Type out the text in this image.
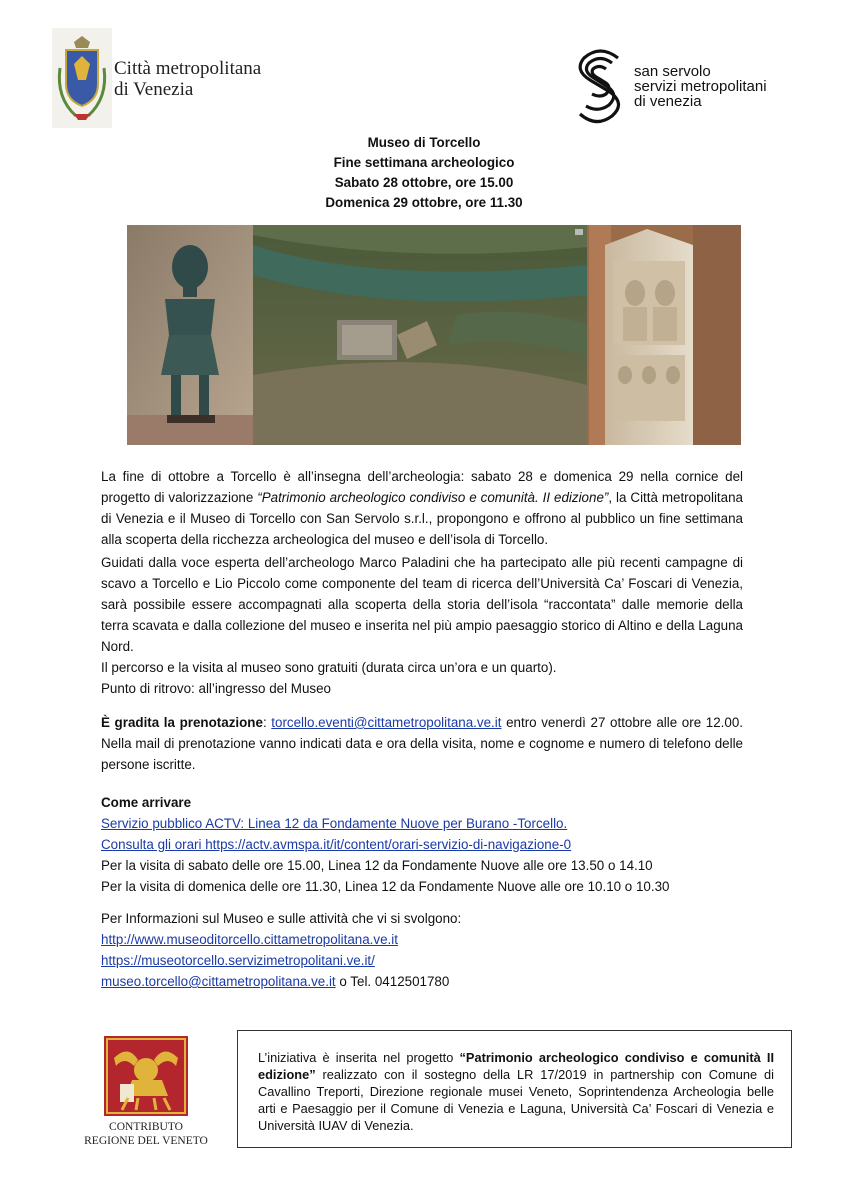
Città metropolitana
di Venezia
san servolo
servizi metropolitani
di venezia
Museo di Torcello
Fine settimana archeologico
Sabato 28 ottobre, ore 15.00
Domenica 29 ottobre, ore 11.30

La fine di ottobre a Torcello è all’insegna dell’archeologia: sabato 28 e domenica 29 nella cornice del progetto di valorizzazione “Patrimonio archeologico condiviso e comunità. II edizione”, la Città metropolitana di Venezia e il Museo di Torcello con San Servolo s.r.l., propongono e offrono al pubblico un fine settimana alla scoperta della ricchezza archeologica del museo e dell’isola di Torcello.

Guidati dalla voce esperta dell’archeologo Marco Paladini che ha partecipato alle più recenti campagne di scavo a Torcello e Lio Piccolo come componente del team di ricerca dell’Università Ca’ Foscari di Venezia, sarà possibile essere accompagnati alla scoperta della storia dell’isola “raccontata” dalle memorie della terra scavata e dalla collezione del museo e inserita nel più ampio paesaggio storico di Altino e della Laguna Nord.

Il percorso e la visita al museo sono gratuiti (durata circa un’ora e un quarto).

Punto di ritrovo: all’ingresso del Museo

È gradita la prenotazione: torcello.eventi@cittametropolitana.ve.it entro venerdì 27 ottobre alle ore 12.00. Nella mail di prenotazione vanno indicati data e ora della visita, nome e cognome e numero di telefono delle persone iscritte.

Come arrivare
Servizio pubblico ACTV: Linea 12 da Fondamente Nuove per Burano -Torcello.
Consulta gli orari https://actv.avmspa.it/it/content/orari-servizio-di-navigazione-0
Per la visita di sabato delle ore 15.00, Linea 12 da Fondamente Nuove alle ore 13.50 o 14.10
Per la visita di domenica delle ore 11.30, Linea 12 da Fondamente Nuove alle ore 10.10 o 10.30
Per Informazioni sul Museo e sulle attività che vi si svolgono:
http://www.museoditorcello.cittametropolitana.ve.it
https://museotorcello.servizimetropolitani.ve.it/
museo.torcello@cittametropolitana.ve.it o Tel. 0412501780
CONTRIBUTO
REGIONE DEL VENETO
L’iniziativa è inserita nel progetto “Patrimonio archeologico condiviso e comunità II edizione” realizzato con il sostegno della LR 17/2019 in partnership con Comune di Cavallino Treporti, Direzione regionale musei Veneto, Soprintendenza Archeologia belle arti e Paesaggio per il Comune di Venezia e Laguna, Università Ca’ Foscari di Venezia e Università IUAV di Venezia.
